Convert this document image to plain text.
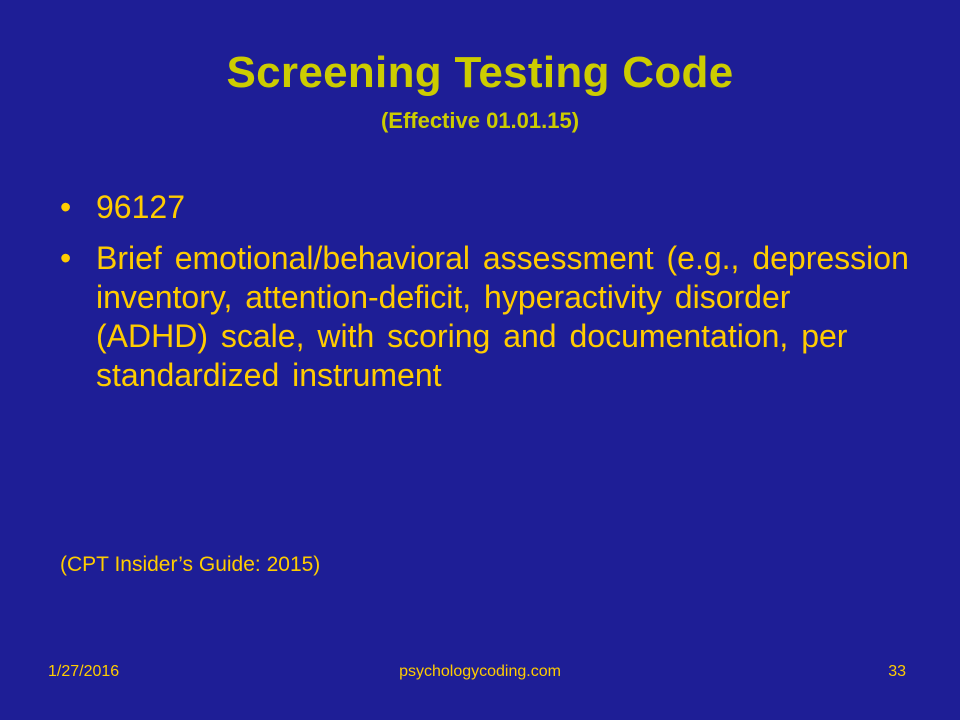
Screening Testing Code
(Effective 01.01.15)
• 96127
• Brief emotional/behavioral assessment (e.g., depression inventory, attention-deficit, hyperactivity disorder (ADHD) scale, with scoring and documentation, per standardized instrument
(CPT Insider’s Guide: 2015)
1/27/2016	psychologycoding.com	33
